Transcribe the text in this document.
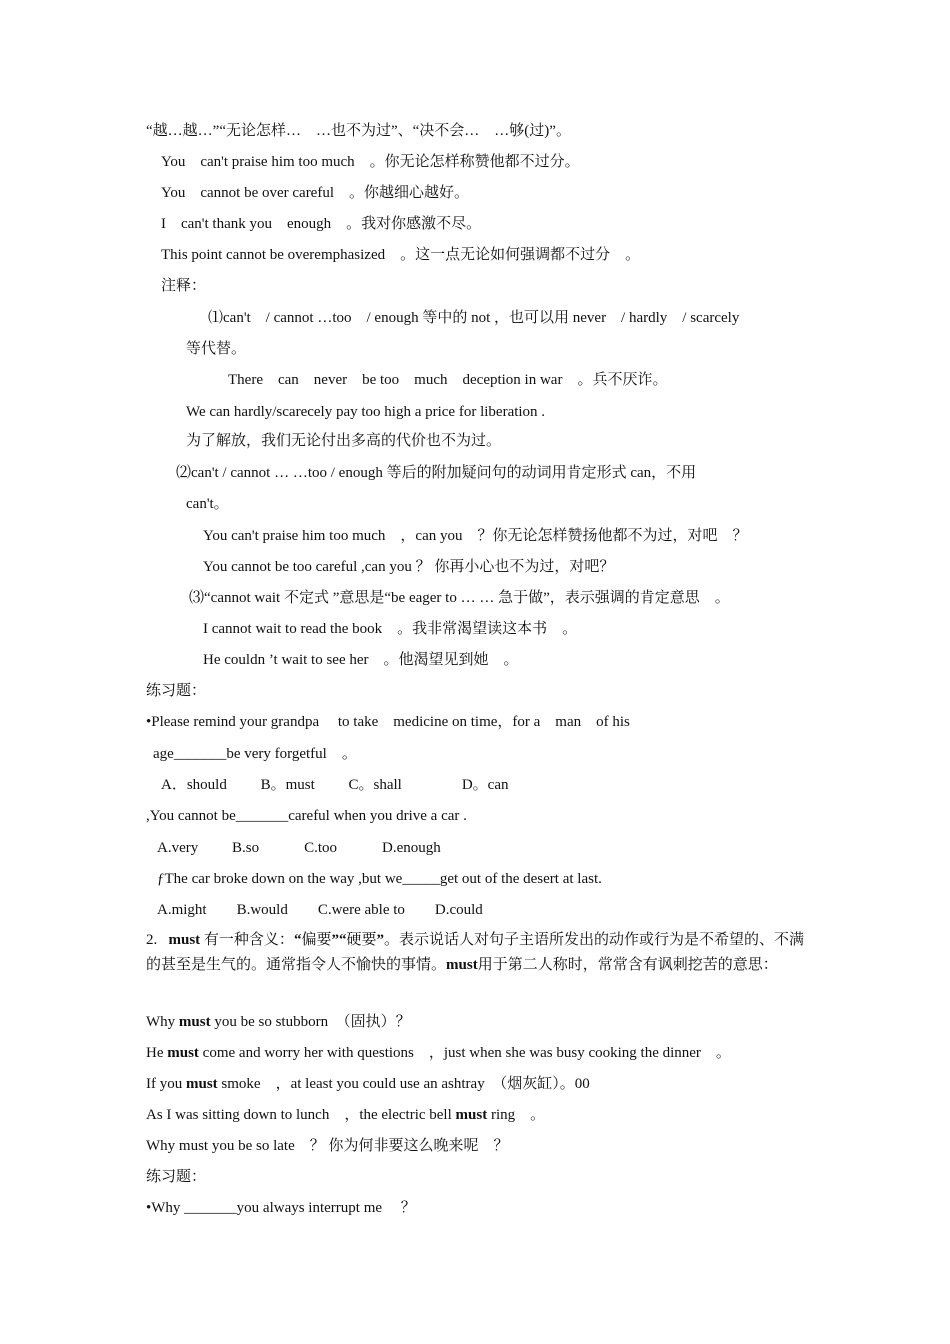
“越…越…”“无论怎样…　…也不为过”、“决不会…　…够(过)”。
You　can't praise him too much　。你无论怎样称赞他都不过分。
You　cannot be over careful　。你越细心越好。
I　can't thank you　enough　。我对你感激不尽。
This point cannot be overemphasized　。这一点无论如何强调都不过分　。
注释：
⑴can't　/ cannot …too　/ enough 等中的 not ，也可以用 never　/ hardly　/ scarcely
等代替。
There　can　never　be too　much　deception in war　。兵不厌诈。
We can hardly/scarecely pay too high a price for liberation .
为了解放，我们无论付出多高的代价也不为过。
⑵can't / cannot … …too / enough 等后的附加疑问句的动词用肯定形式 can，不用
can't。
You can't praise him too much　，can you　？你无论怎样赞扬他都不为过，对吧　？
You cannot be too careful ,can you ？ 你再小心也不为过，对吧？
⑶“cannot wait 不定式 ”意思是“be eager to … … 急于做”，表示强调的肯定意思　。
I cannot wait to read the book　。我非常渴望读这本书　。
He couldn ’t wait to see her　。他渴望见到她　。
练习题：
•Please remind your grandpa　 to take　medicine on time，for a　man　of his
age_______be very forgetful　。
A．should　　 B。must　　 C。shall　　　　D。can
,You cannot be_______careful when you drive a car .
A.very　　 B.so　　　C.too　　　D.enough
ƒThe car broke down on the way ,but we_____get out of the desert at last.
A.might　　B.would　　C.were able to　　D.could
2. must 有一种含义：“偏要”“硬要”。表示说话人对句子主语所发出的动作或行为是不希望的、不满的甚至是生气的。通常指令人不愉快的事情。must用于第二人称时，常常含有讽刺挖苦的意思：
Why must you be so stubborn　（固执）？
He must come and worry her with questions　，just when she was busy cooking the dinner　。
If you must smoke　，at least you could use an ashtray　（烟灰缸）。00
As I was sitting down to lunch　，the electric bell must ring　。
Why must you be so late　？ 你为何非要这么晚来呢　？
练习题：
•Why _______you always interrupt me　 ？
